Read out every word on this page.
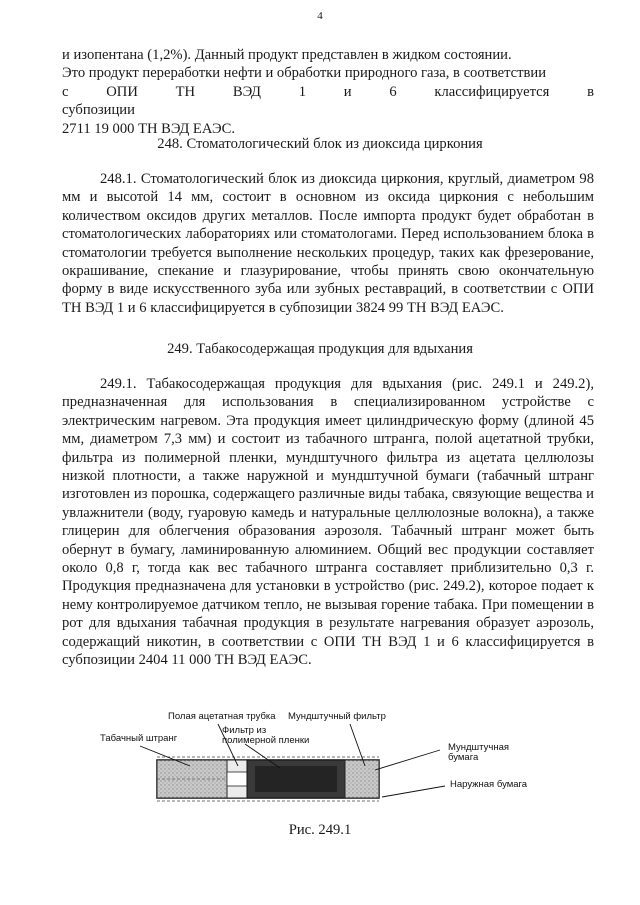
4

и изопентана (1,2%). Данный продукт представлен в жидком состоянии.

Это продукт переработки нефти и обработки природного газа, в соответствии

с ОПИ ТН ВЭД 1 и 6 классифицируется в субпозиции

2711 19 000 ТН ВЭД ЕАЭС.

248. Стоматологический блок из диоксида циркония

248.1. Стоматологический блок из диоксида циркония, круглый, диаметром 98 мм и высотой 14 мм, состоит в основном из оксида циркония с небольшим количеством оксидов других металлов. После импорта продукт будет обработан в стоматологических лабораториях или стоматологами. Перед использованием блока в стоматологии требуется выполнение нескольких процедур, таких как фрезерование, окрашивание, спекание и глазурирование, чтобы принять свою окончательную форму в виде искусственного зуба или зубных реставраций, в соответствии с ОПИ ТН ВЭД 1 и 6 классифицируется в субпозиции 3824 99 ТН ВЭД ЕАЭС.

249. Табакосодержащая продукция для вдыхания

249.1. Табакосодержащая продукция для вдыхания (рис. 249.1 и 249.2), предназначенная для использования в специализированном устройстве с электрическим нагревом. Эта продукция имеет цилиндрическую форму (длиной 45 мм, диаметром 7,3 мм) и состоит из табачного штранга, полой ацетатной трубки, фильтра из полимерной пленки, мундштучного фильтра из ацетата целлюлозы низкой плотности, а также наружной и мундштучной бумаги (табачный штранг изготовлен из порошка, содержащего различные виды табака, связующие вещества и увлажнители (воду, гуаровую камедь и натуральные целлюлозные волокна), а также глицерин для облегчения образования аэрозоля. Табачный штранг может быть обернут в бумагу, ламинированную алюминием. Общий вес продукции составляет около 0,8 г, тогда как вес табачного штранга составляет приблизительно 0,3 г. Продукция предназначена для установки в устройство (рис. 249.2), которое подает к нему контролируемое датчиком тепло, не вызывая горение табака. При помещении в рот для вдыхания табачная продукция в результате нагревания образует аэрозоль, содержащий никотин, в соответствии с ОПИ ТН ВЭД 1 и 6 классифицируется в субпозиции 2404 11 000 ТН ВЭД ЕАЭС.

Полая ацетатная трубка Мундштучный фильтр
Табачный штранг
Фильтр из
полимерной пленки
Мундштучная
бумага
Наружная бумага
Рис. 249.1
